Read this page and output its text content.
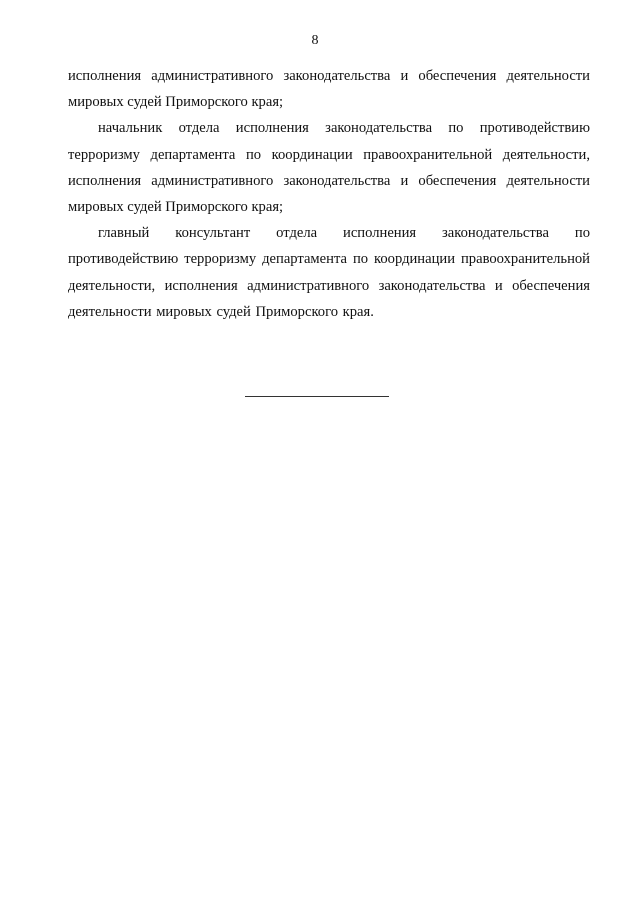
8

исполнения административного законодательства и обеспечения деятельности мировых судей Приморского края;

начальник отдела исполнения законодательства по противодействию терроризму департамента по координации правоохранительной деятельности, исполнения административного законодательства и обеспечения деятельности мировых судей Приморского края;

главный консультант отдела исполнения законодательства по противодействию терроризму департамента по координации правоохранительной деятельности, исполнения административного законодательства и обеспечения деятельности мировых судей Приморского края.
